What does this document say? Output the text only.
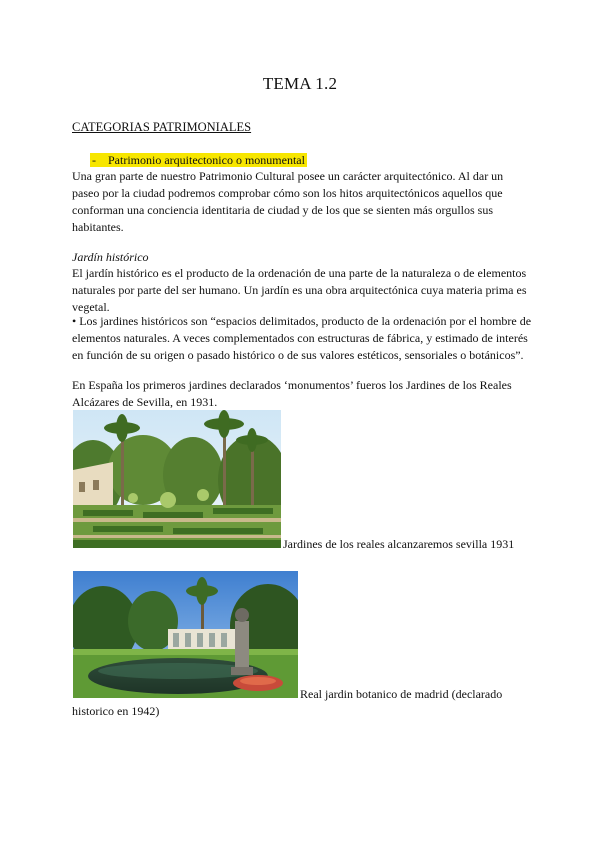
TEMA 1.2
CATEGORIAS PATRIMONIALES
- Patrimonio arquitectonico o monumental
Una gran parte de nuestro Patrimonio Cultural posee un carácter arquitectónico. Al dar un paseo por la ciudad podremos comprobar cómo son los hitos arquitectónicos aquellos que conforman una conciencia identitaria de ciudad y de los que se sienten más orgullos sus habitantes.
Jardín histórico
El jardín histórico es el producto de la ordenación de una parte de la naturaleza o de elementos naturales por parte del ser humano. Un jardín es una obra arquitectónica cuya materia prima es vegetal.
• Los jardines históricos son “espacios delimitados, producto de la ordenación por el hombre de elementos naturales. A veces complementados con estructuras de fábrica, y estimado de interés en función de su origen o pasado histórico o de sus valores estéticos, sensoriales o botánicos”.
En España los primeros jardines declarados ‘monumentos’ fueros los Jardines de los Reales Alcázares de Sevilla, en 1931.
Jardines de los reales alcanzaremos sevilla 1931
Real jardin botanico de madrid (declarado
historico en 1942)
